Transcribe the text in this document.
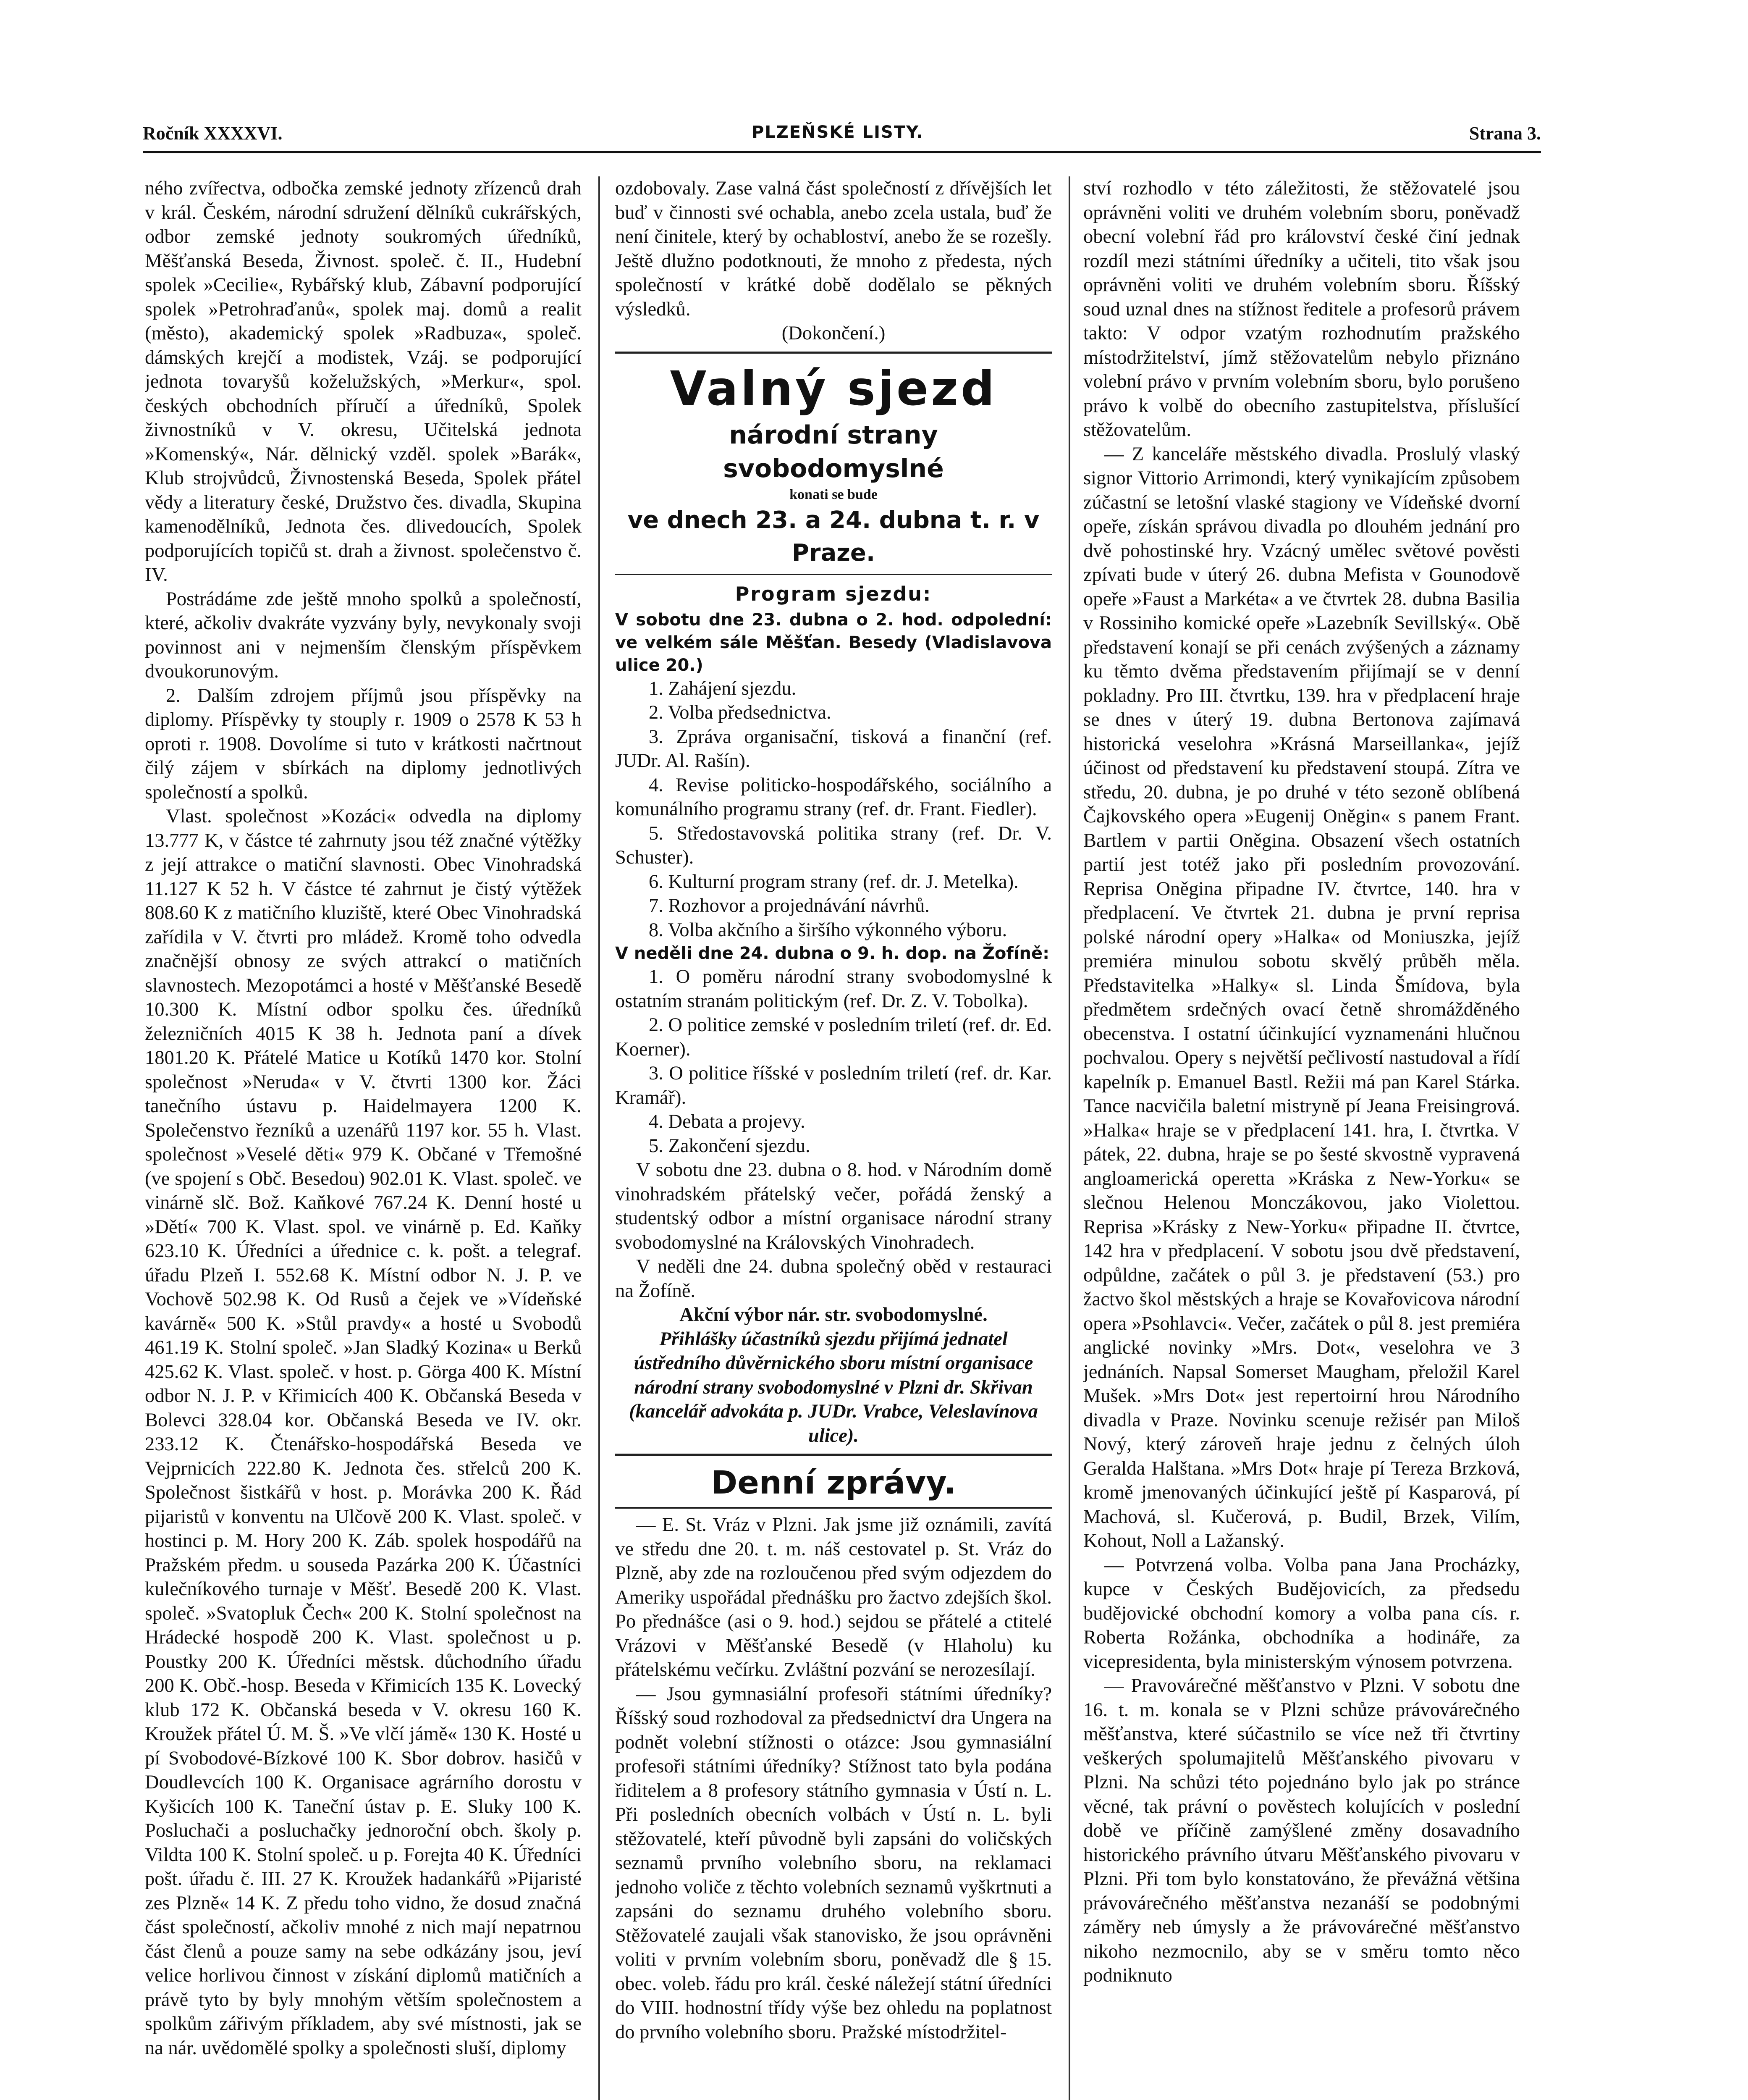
Ročník XXXXVI.	PLZEŇSKÉ LISTY.	Strana 3.

ného zvířectva, odbočka zemské jednoty zřízenců drah v král. Českém, národní sdružení dělníků cukrářských, odbor zemské jednoty soukromých úředníků, Měšťanská Beseda, Živnost. společ. č. II., Hudební spolek »Cecilie«, Rybářský klub, Zábavní podporující spolek »Petrohraďanů«, spolek maj. domů a realit (město), akademický spolek »Radbuza«, společ. dámských krejčí a modistek, Vzáj. se podporující jednota tovaryšů koželužských, »Merkur«, spol. českých obchodních příručí a úředníků, Spolek živnostníků v V. okresu, Učitelská jednota »Komenský«, Nár. dělnický vzděl. spolek »Barák«, Klub strojvůdců, Živnostenská Beseda, Spolek přátel vědy a literatury české, Družstvo čes. divadla, Skupina kamenodělníků, Jednota čes. dlivedoucích, Spolek podporujících topičů st. drah a živnost. společenstvo č. IV.

Postrádáme zde ještě mnoho spolků a společností, které, ačkoliv dvakráte vyzvány byly, nevykonaly svoji povinnost ani v nejmenším členským příspěvkem dvoukorunovým.

2. Dalším zdrojem příjmů jsou příspěvky na diplomy. Příspěvky ty stouply r. 1909 o 2578 K 53 h oproti r. 1908. Dovolíme si tuto v krátkosti načrtnout čilý zájem v sbírkách na diplomy jednotlivých společností a spolků.

Vlast. společnost »Kozáci« odvedla na diplomy 13.777 K, v částce té zahrnuty jsou též značné výtěžky z její attrakce o matiční slavnosti. Obec Vinohradská 11.127 K 52 h. V částce té zahrnut je čistý výtěžek 808.60 K z matičního kluziště, které Obec Vinohradská zařídila v V. čtvrti pro mládež. Kromě toho odvedla značnější obnosy ze svých attrakcí o matičních slavnostech. Mezopotámci a hosté v Měšťanské Besedě 10.300 K. Místní odbor spolku čes. úředníků železničních 4015 K 38 h. Jednota paní a dívek 1801.20 K. Přátelé Matice u Kotíků 1470 kor. Stolní společnost »Neruda« v V. čtvrti 1300 kor. Žáci tanečního ústavu p. Haidelmayera 1200 K. Společenstvo řezníků a uzenářů 1197 kor. 55 h. Vlast. společnost »Veselé děti« 979 K. Občané v Třemošné (ve spojení s Obč. Besedou) 902.01 K. Vlast. společ. ve vinárně slč. Bož. Kaňkové 767.24 K. Denní hosté u »Dětí« 700 K. Vlast. spol. ve vinárně p. Ed. Kaňky 623.10 K. Úředníci a úřednice c. k. pošt. a telegraf. úřadu Plzeň I. 552.68 K. Místní odbor N. J. P. ve Vochově 502.98 K. Od Rusů a čejek ve »Vídeňské kavárně« 500 K. »Stůl pravdy« a hosté u Svobodů 461.19 K. Stolní společ. »Jan Sladký Kozina« u Berků 425.62 K. Vlast. společ. v host. p. Görga 400 K. Místní odbor N. J. P. v Křimicích 400 K. Občanská Beseda v Bolevci 328.04 kor. Občanská Beseda ve IV. okr. 233.12 K. Čtenářsko-hospodářská Beseda ve Vejprnicích 222.80 K. Jednota čes. střelců 200 K. Společnost šistkářů v host. p. Morávka 200 K. Řád pijaristů v konventu na Ulčově 200 K. Vlast. společ. v hostinci p. M. Hory 200 K. Záb. spolek hospodářů na Pražském předm. u souseda Pazárka 200 K. Účastníci kulečníkového turnaje v Měšť. Besedě 200 K. Vlast. společ. »Svatopluk Čech« 200 K. Stolní společnost na Hrádecké hospodě 200 K. Vlast. společnost u p. Poustky 200 K. Úředníci městsk. důchodního úřadu 200 K. Obč.-hosp. Beseda v Křimicích 135 K. Lovecký klub 172 K. Občanská beseda v V. okresu 160 K. Kroužek přátel Ú. M. Š. »Ve vlčí jámě« 130 K. Hosté u pí Svobodové-Bízkové 100 K. Sbor dobrov. hasičů v Doudlevcích 100 K. Organisace agrárního dorostu v Kyšicích 100 K. Taneční ústav p. E. Sluky 100 K. Posluchači a posluchačky jednoroční obch. školy p. Vildta 100 K. Stolní společ. u p. Forejta 40 K. Úředníci pošt. úřadu č. III. 27 K. Kroužek hadankářů »Pijaristé zes Plzně« 14 K. Z předu toho vidno, že dosud značná část společností, ačkoliv mnohé z nich mají nepatrnou část členů a pouze samy na sebe odkázány jsou, jeví velice horlivou činnost v získání diplomů matičních a právě tyto by byly mnohým větším společnostem a spolkům zářivým příkladem, aby své místnosti, jak se na nár. uvědomělé spolky a společnosti sluší, diplomy

ozdobovaly. Zase valná část společností z dřívějších let buď v činnosti své ochabla, anebo zcela ustala, buď že není činitele, který by ochabloství, anebo že se rozešly. Ještě dlužno podotknouti, že mnoho z předesta, ných společností v krátké době dodělalo se pěkných výsledků.

(Dokončení.)

Valný sjezd

národní strany svobodomyslné

konati se bude

ve dnech 23. a 24. dubna t. r. v Praze.

Program sjezdu:

V sobotu dne 23. dubna o 2. hod. odpolední: ve velkém sále Měšťan. Besedy (Vladislavova ulice 20.)

1. Zahájení sjezdu.

2. Volba předsednictva.

3. Zpráva organisační, tisková a finanční (ref. JUDr. Al. Rašín).

4. Revise politicko-hospodářského, sociálního a komunálního programu strany (ref. dr. Frant. Fiedler).

5. Středostavovská politika strany (ref. Dr. V. Schuster).

6. Kulturní program strany (ref. dr. J. Metelka).

7. Rozhovor a projednávání návrhů.

8. Volba akčního a širšího výkonného výboru.

V neděli dne 24. dubna o 9. h. dop. na Žofíně:

1. O poměru národní strany svobodomyslné k ostatním stranám politickým (ref. Dr. Z. V. Tobolka).

2. O politice zemské v posledním triletí (ref. dr. Ed. Koerner).

3. O politice říšské v posledním triletí (ref. dr. Kar. Kramář).

4. Debata a projevy.

5. Zakončení sjezdu.

V sobotu dne 23. dubna o 8. hod. v Národním domě vinohradském přátelský večer, pořádá ženský a studentský odbor a místní organisace národní strany svobodomyslné na Královských Vinohradech.

V neděli dne 24. dubna společný oběd v restauraci na Žofíně.

Akční výbor nár. str. svobodomyslné.

Přihlášky účastníků sjezdu přijímá jednatel ústředního důvěrnického sboru místní organisace národní strany svobodomyslné v Plzni dr. Skřivan (kancelář advokáta p. JUDr. Vrabce, Veleslavínova ulice).

Denní zprávy.

— E. St. Vráz v Plzni. Jak jsme již oznámili, zavítá ve středu dne 20. t. m. náš cestovatel p. St. Vráz do Plzně, aby zde na rozloučenou před svým odjezdem do Ameriky uspořádal přednášku pro žactvo zdejších škol. Po přednášce (asi o 9. hod.) sejdou se přátelé a ctitelé Vrázovi v Měšťanské Besedě (v Hlaholu) ku přátelskému večírku. Zvláštní pozvání se nerozesílají.

— Jsou gymnasiální profesoři státními úředníky? Říšský soud rozhodoval za předsednictví dra Ungera na podnět volební stížnosti o otázce: Jsou gymnasiální profesoři státními úředníky? Stížnost tato byla podána řiditelem a 8 profesory státního gymnasia v Ústí n. L. Při posledních obecních volbách v Ústí n. L. byli stěžovatelé, kteří původně byli zapsáni do voličských seznamů prvního volebního sboru, na reklamaci jednoho voliče z těchto volebních seznamů vyškrtnuti a zapsáni do seznamu druhého volebního sboru. Stěžovatelé zaujali však stanovisko, že jsou oprávněni voliti v prvním volebním sboru, poněvadž dle § 15. obec. voleb. řádu pro král. české náležejí státní úředníci do VIII. hodnostní třídy výše bez ohledu na poplatnost do prvního volebního sboru. Pražské místodržitel-

ství rozhodlo v této záležitosti, že stěžovatelé jsou oprávněni voliti ve druhém volebním sboru, poněvadž obecní volební řád pro království české činí jednak rozdíl mezi státními úředníky a učiteli, tito však jsou oprávněni voliti ve druhém volebním sboru. Říšský soud uznal dnes na stížnost ředitele a profesorů právem takto: V odpor vzatým rozhodnutím pražského místodržitelství, jímž stěžovatelům nebylo přiznáno volební právo v prvním volebním sboru, bylo porušeno právo k volbě do obecního zastupitelstva, příslušící stěžovatelům.

— Z kanceláře městského divadla. Proslulý vlaský signor Vittorio Arrimondi, který vynikajícím způsobem zúčastní se letošní vlaské stagiony ve Vídeňské dvorní opeře, získán správou divadla po dlouhém jednání pro dvě pohostinské hry. Vzácný umělec světové pověsti zpívati bude v úterý 26. dubna Mefista v Gounodově opeře »Faust a Markéta« a ve čtvrtek 28. dubna Basilia v Rossiniho komické opeře »Lazebník Sevillský«. Obě představení konají se při cenách zvýšených a záznamy ku těmto dvěma představením přijímají se v denní pokladny. Pro III. čtvrtku, 139. hra v předplacení hraje se dnes v úterý 19. dubna Bertonova zajímavá historická veselohra »Krásná Marseillanka«, jejíž účinost od představení ku představení stoupá. Zítra ve středu, 20. dubna, je po druhé v této sezoně oblíbená Čajkovského opera »Eugenij Oněgin« s panem Frant. Bartlem v partii Oněgina. Obsazení všech ostatních partií jest totéž jako při posledním provozování. Reprisa Oněgina připadne IV. čtvrtce, 140. hra v předplacení. Ve čtvrtek 21. dubna je první reprisa polské národní opery »Halka« od Moniuszka, jejíž premiéra minulou sobotu skvělý průběh měla. Představitelka »Halky« sl. Linda Šmídova, byla předmětem srdečných ovací četně shromážděného obecenstva. I ostatní účinkující vyznamenáni hlučnou pochvalou. Opery s největší pečlivostí nastudoval a řídí kapelník p. Emanuel Bastl. Režii má pan Karel Stárka. Tance nacvičila baletní mistryně pí Jeana Freisingrová. »Halka« hraje se v předplacení 141. hra, I. čtvrtka. V pátek, 22. dubna, hraje se po šesté skvostně vypravená angloamerická operetta »Kráska z New-Yorku« se slečnou Helenou Monczákovou, jako Violettou. Reprisa »Krásky z New-Yorku« připadne II. čtvrtce, 142 hra v předplacení. V sobotu jsou dvě představení, odpůldne, začátek o půl 3. je představení (53.) pro žactvo škol městských a hraje se Kovařovicova národní opera »Psohlavci«. Večer, začátek o půl 8. jest premiéra anglické novinky »Mrs. Dot«, veselohra ve 3 jednáních. Napsal Somerset Maugham, přeložil Karel Mušek. »Mrs Dot« jest repertoirní hrou Národního divadla v Praze. Novinku scenuje režisér pan Miloš Nový, který zároveň hraje jednu z čelných úloh Geralda Halštana. »Mrs Dot« hraje pí Tereza Brzková, kromě jmenovaných účinkující ještě pí Kasparová, pí Machová, sl. Kučerová, p. Budil, Brzek, Vilím, Kohout, Noll a Lažanský.

— Potvrzená volba. Volba pana Jana Procházky, kupce v Českých Budějovicích, za předsedu budějovické obchodní komory a volba pana cís. r. Roberta Rožánka, obchodníka a hodináře, za vicepresidenta, byla ministerským výnosem potvrzena.

— Pravovárečné měšťanstvo v Plzni. V sobotu dne 16. t. m. konala se v Plzni schůze právovárečného měšťanstva, které súčastnilo se více než tři čtvrtiny veškerých spolumajitelů Měšťanského pivovaru v Plzni. Na schůzi této pojednáno bylo jak po stránce věcné, tak právní o pověstech kolujících v poslední době ve příčině zamýšlené změny dosavadního historického právního útvaru Měšťanského pivovaru v Plzni. Při tom bylo konstatováno, že převážná většina právovárečného měšťanstva nezanáší se podobnými záměry neb úmysly a že právovárečné měšťanstvo nikoho nezmocnilo, aby se v směru tomto něco podniknuto
